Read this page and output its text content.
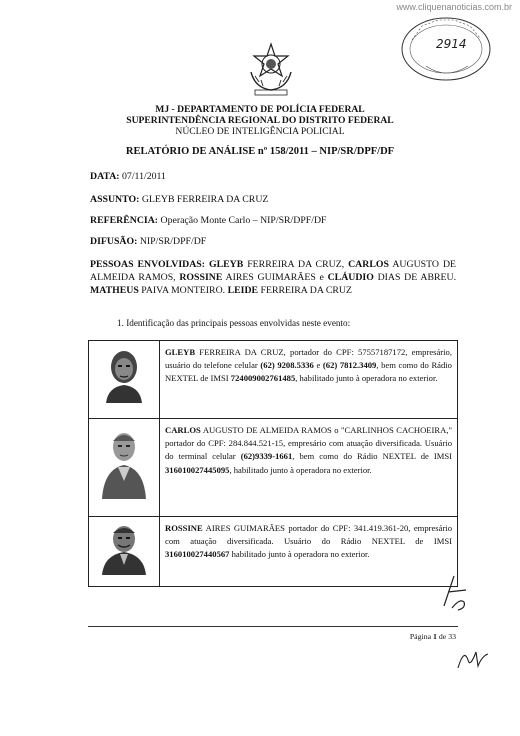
www.cliquenanoticias.com.br
2914
MJ - DEPARTAMENTO DE POLÍCIA FEDERAL
SUPERINTENDÊNCIA REGIONAL DO DISTRITO FEDERAL
NÚCLEO DE INTELIGÊNCIA POLICIAL
RELATÓRIO DE ANÁLISE nº 158/2011 – NIP/SR/DPF/DF
DATA: 07/11/2011
ASSUNTO: GLEYB FERREIRA DA CRUZ
REFERÊNCIA: Operação Monte Carlo – NIP/SR/DPF/DF
DIFUSÃO: NIP/SR/DPF/DF
PESSOAS ENVOLVIDAS: GLEYB FERREIRA DA CRUZ, CARLOS AUGUSTO DE ALMEIDA RAMOS, ROSSINE AIRES GUIMARÃES e CLÁUDIO DIAS DE ABREU. MATHEUS PAIVA MONTEIRO. LEIDE FERREIRA DA CRUZ
1. Identificação das principais pessoas envolvidas neste evento:
	GLEYB FERREIRA DA CRUZ, portador do CPF: 57557187172, empresário, usuário do telefone celular (62) 9208.5336 e (62) 7812.3409, bem como do Rádio NEXTEL de IMSI 724009002761485, habilitado junto à operadora no exterior.

	CARLOS AUGUSTO DE ALMEIDA RAMOS o "CARLINHOS CACHOEIRA," portador do CPF: 284.844.521-15, empresário com atuação diversificada. Usuário do terminal celular (62)9339-1661, bem como do Rádio NEXTEL de IMSI 316010027445095, habilitado junto à operadora no exterior.

	ROSSINE AIRES GUIMARÃES portador do CPF: 341.419.361-20, empresário com atuação diversificada. Usuário do Rádio NEXTEL de IMSI 316010027440567 habilitado junto à operadora no exterior.
Página 1 de 33
